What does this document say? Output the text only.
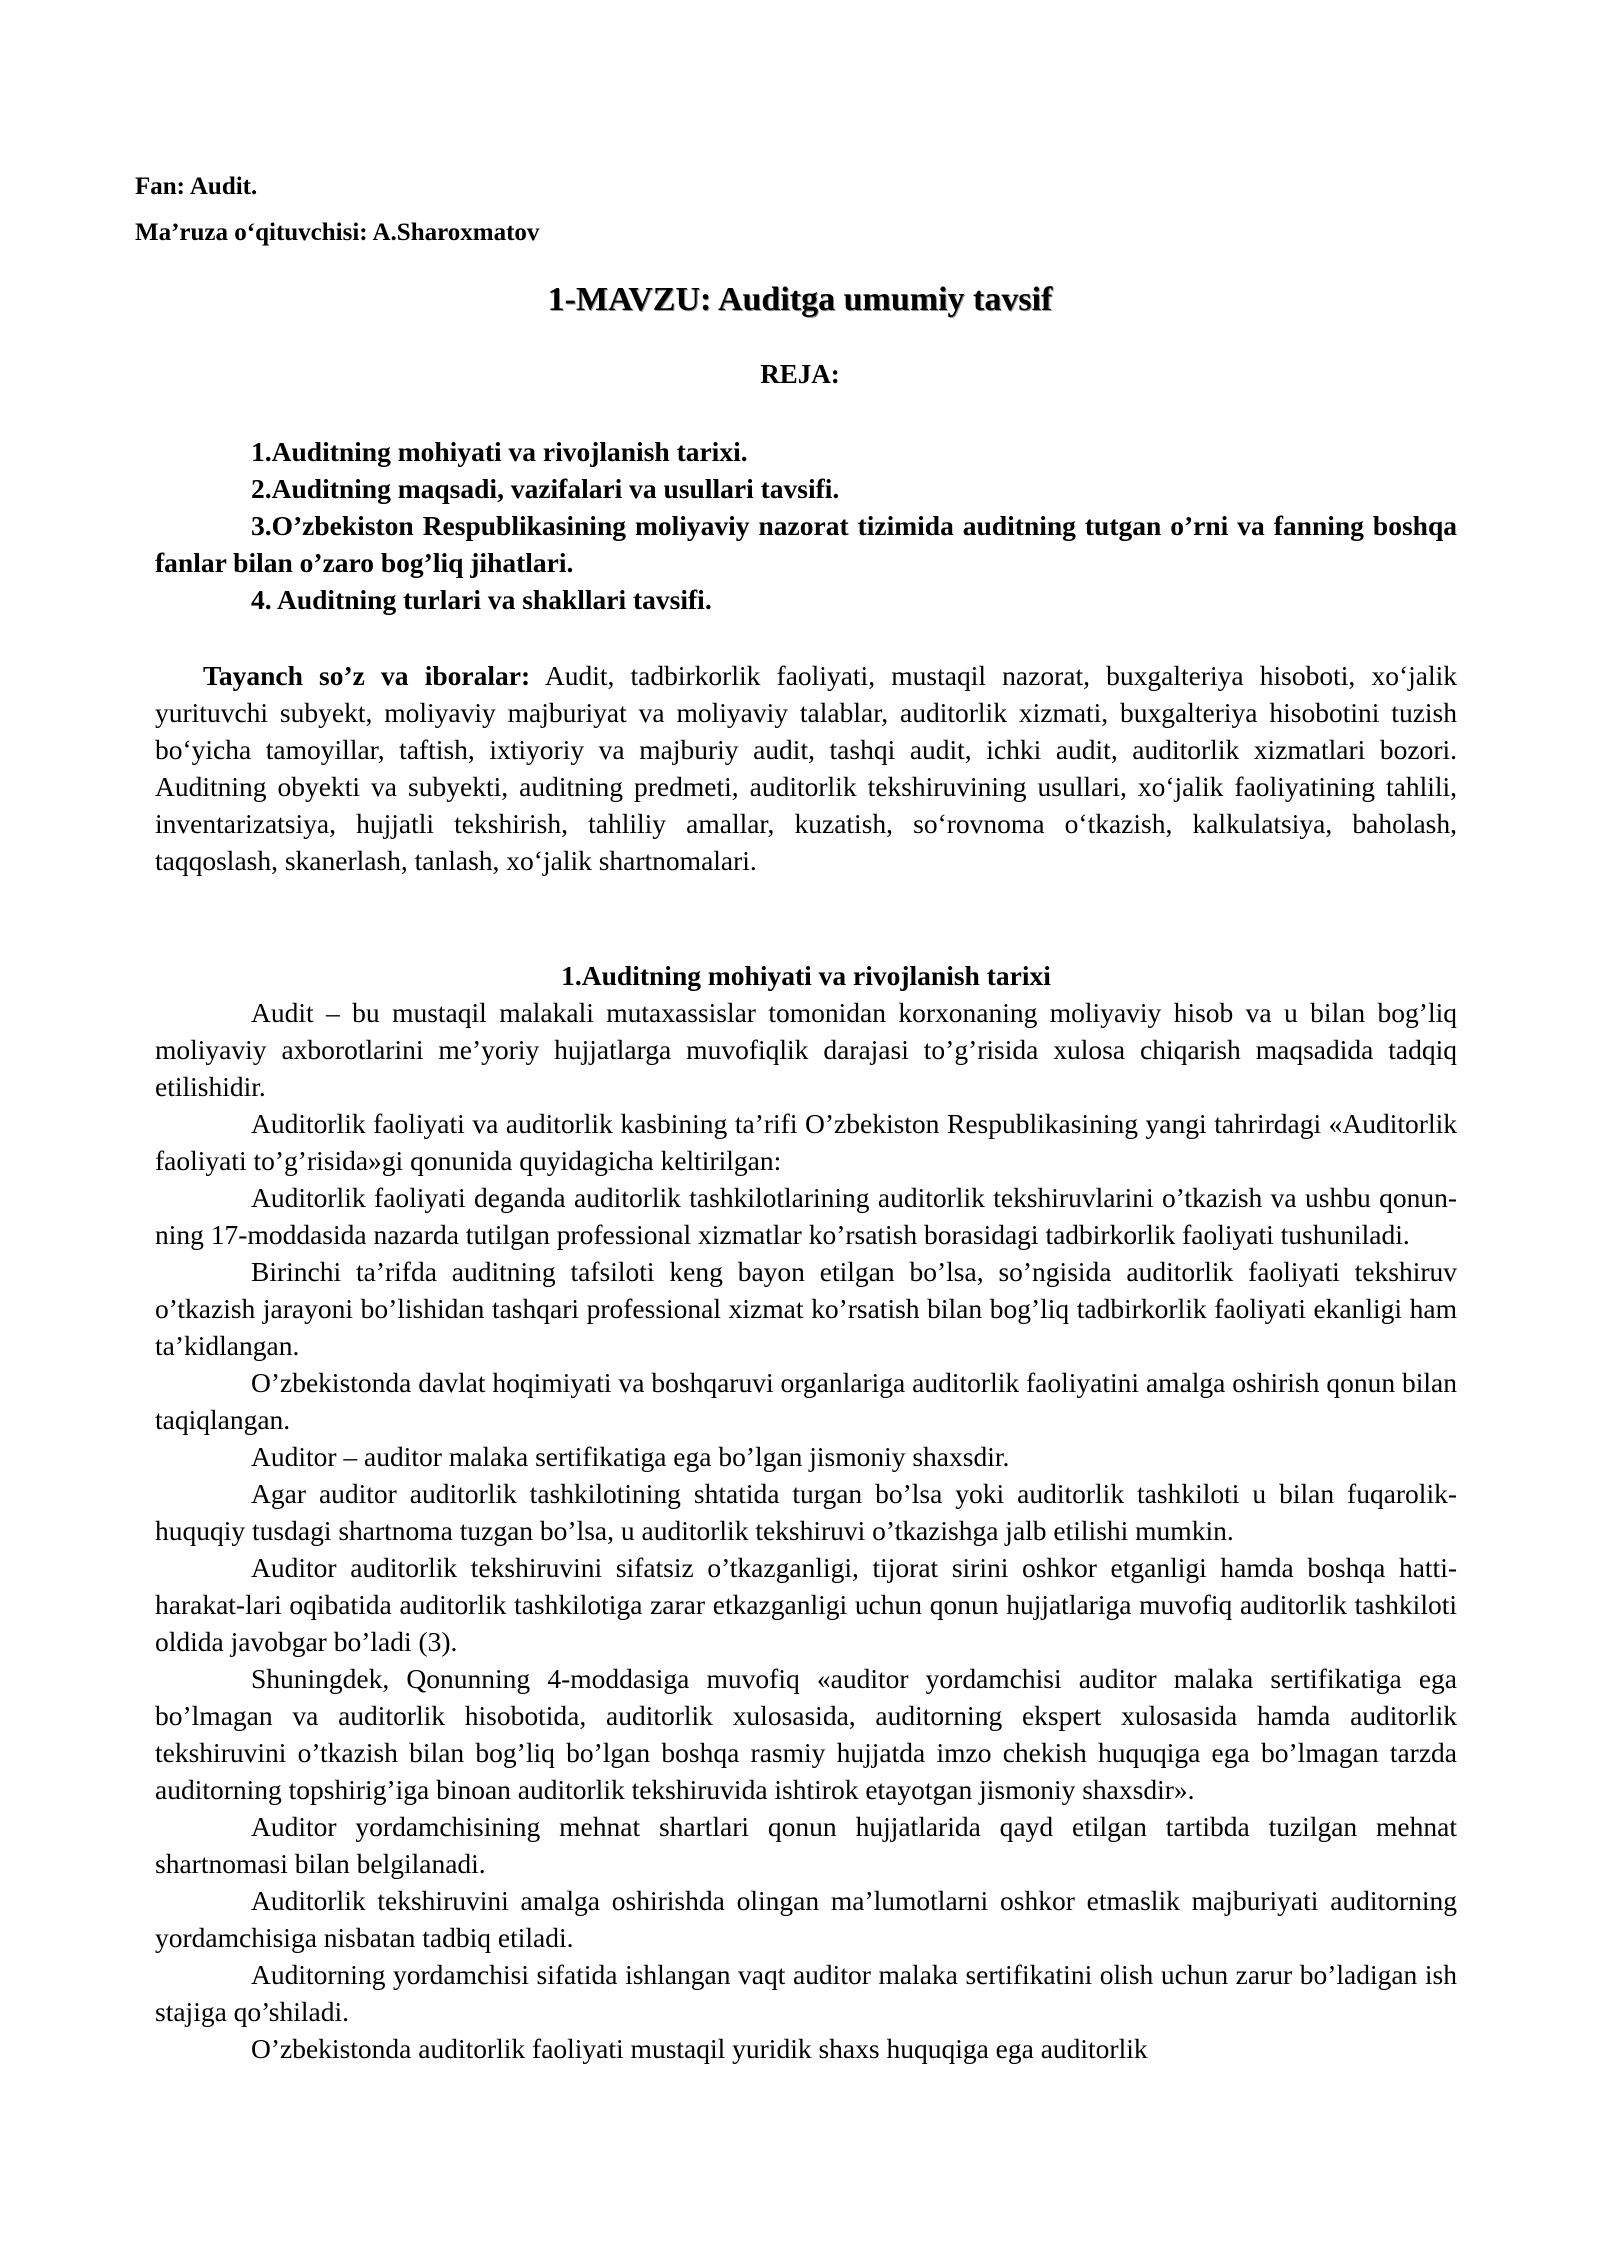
Fan: Audit.
Ma’ruza o‘qituvchisi: A.Sharoxmatov
1-MAVZU: Auditga umumiy tavsif
REJA:
1.Auditning mohiyati va rivojlanish tarixi.
2.Auditning maqsadi, vazifalari va usullari tavsifi.
3.O’zbekiston Respublikasining moliyaviy nazorat tizimida auditning tutgan o’rni va fanning boshqa fanlar bilan o’zaro bog’liq jihatlari.
4. Auditning turlari va shakllari tavsifi.
Tayanch so’z va iboralar: Audit, tadbirkorlik faoliyati, mustaqil nazorat, buxgalteriya hisoboti, xo‘jalik yurituvchi subyekt, moliyaviy majburiyat va moliyaviy talablar, auditorlik xizmati, buxgalteriya hisobotini tuzish bo‘yicha tamoyillar, taftish, ixtiyoriy va majburiy audit, tashqi audit, ichki audit, auditorlik xizmatlari bozori. Auditning obyekti va subyekti, auditning predmeti, auditorlik tekshiruvining usullari, xo‘jalik faoliyatining tahlili, inventarizatsiya, hujjatli tekshirish, tahliliy amallar, kuzatish, so‘rovnoma o‘tkazish, kalkulatsiya, baholash, taqqoslash, skanerlash, tanlash, xo‘jalik shartnomalari.
1.Auditning mohiyati va rivojlanish tarixi

Audit – bu mustaqil malakali mutaxassislar tomonidan korxonaning moliyaviy hisob va u bilan bog’liq moliyaviy axborotlarini me’yoriy hujjatlarga muvofiqlik darajasi to’g’risida xulosa chiqarish maqsadida tadqiq etilishidir.

Auditorlik faoliyati va auditorlik kasbining ta’rifi O’zbekiston Respublikasining yangi tahrirdagi «Auditorlik faoliyati to’g’risida»gi qonunida quyidagicha keltirilgan:

Auditorlik faoliyati deganda auditorlik tashkilotlarining auditorlik tekshiruvlarini o’tkazish va ushbu qonun-ning 17-moddasida nazarda tutilgan professional xizmatlar ko’rsatish borasidagi tadbirkorlik faoliyati tushuniladi.

Birinchi ta’rifda auditning tafsiloti keng bayon etilgan bo’lsa, so’ngisida auditorlik faoliyati tekshiruv o’tkazish jarayoni bo’lishidan tashqari professional xizmat ko’rsatish bilan bog’liq tadbirkorlik faoliyati ekanligi ham ta’kidlangan.

O’zbekistonda davlat hoqimiyati va boshqaruvi organlariga auditorlik faoliyatini amalga oshirish qonun bilan taqiqlangan.

Auditor – auditor malaka sertifikatiga ega bo’lgan jismoniy shaxsdir.

Agar auditor auditorlik tashkilotining shtatida turgan bo’lsa yoki auditorlik tashkiloti u bilan fuqarolik-huquqiy tusdagi shartnoma tuzgan bo’lsa, u auditorlik tekshiruvi o’tkazishga jalb etilishi mumkin.

Auditor auditorlik tekshiruvini sifatsiz o’tkazganligi, tijorat sirini oshkor etganligi hamda boshqa hatti-harakat-lari oqibatida auditorlik tashkilotiga zarar etkazganligi uchun qonun hujjatlariga muvofiq auditorlik tashkiloti oldida javobgar bo’ladi (3).

Shuningdek, Qonunning 4-moddasiga muvofiq «auditor yordamchisi auditor malaka sertifikatiga ega bo’lmagan va auditorlik hisobotida, auditorlik xulosasida, auditorning ekspert xulosasida hamda auditorlik tekshiruvini o’tkazish bilan bog’liq bo’lgan boshqa rasmiy hujjatda imzo chekish huquqiga ega bo’lmagan tarzda auditorning topshirig’iga binoan auditorlik tekshiruvida ishtirok etayotgan jismoniy shaxsdir».

Auditor yordamchisining mehnat shartlari qonun hujjatlarida qayd etilgan tartibda tuzilgan mehnat shartnomasi bilan belgilanadi.

Auditorlik tekshiruvini amalga oshirishda olingan ma’lumotlarni oshkor etmaslik majburiyati auditorning yordamchisiga nisbatan tadbiq etiladi.

Auditorning yordamchisi sifatida ishlangan vaqt auditor malaka sertifikatini olish uchun zarur bo’ladigan ish stajiga qo’shiladi.

O’zbekistonda auditorlik faoliyati mustaqil yuridik shaxs huquqiga ega auditorlik
